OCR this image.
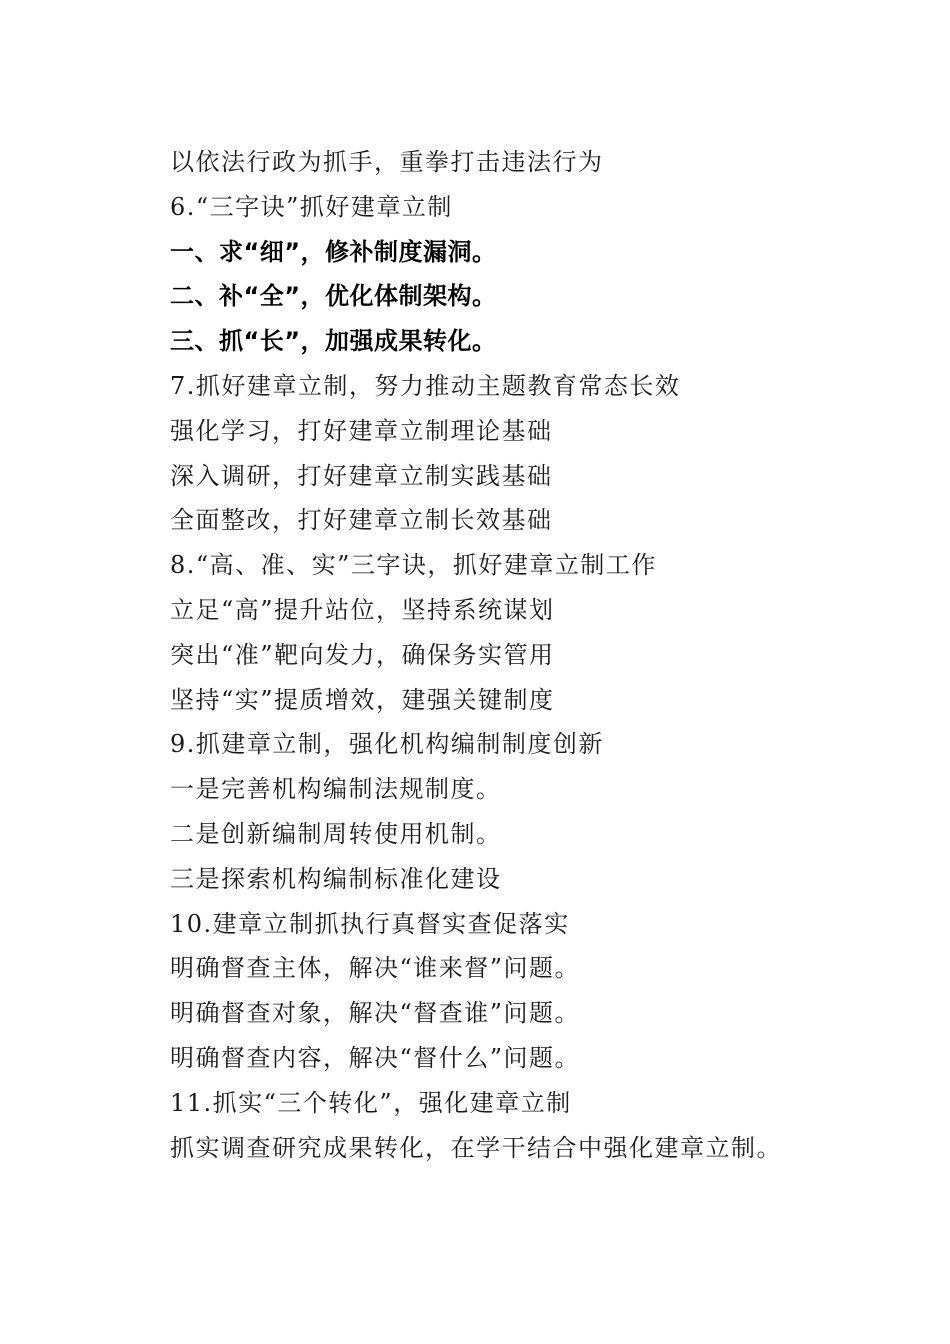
以依法行政为抓手，重拳打击违法行为
6.“三字诀”抓好建章立制
一、求“细”，修补制度漏洞。
二、补“全”，优化体制架构。
三、抓“长”，加强成果转化。
7.抓好建章立制，努力推动主题教育常态长效
强化学习，打好建章立制理论基础
深入调研，打好建章立制实践基础
全面整改，打好建章立制长效基础
8.“高、准、实”三字诀，抓好建章立制工作
立足“高”提升站位，坚持系统谋划
突出“准”靶向发力，确保务实管用
坚持“实”提质增效，建强关键制度
9.抓建章立制，强化机构编制制度创新
一是完善机构编制法规制度。
二是创新编制周转使用机制。
三是探索机构编制标准化建设
10.建章立制抓执行真督实查促落实
明确督查主体，解决“谁来督”问题。
明确督查对象，解决“督查谁”问题。
明确督查内容，解决“督什么”问题。
11.抓实“三个转化”，强化建章立制
抓实调查研究成果转化，在学干结合中强化建章立制。
